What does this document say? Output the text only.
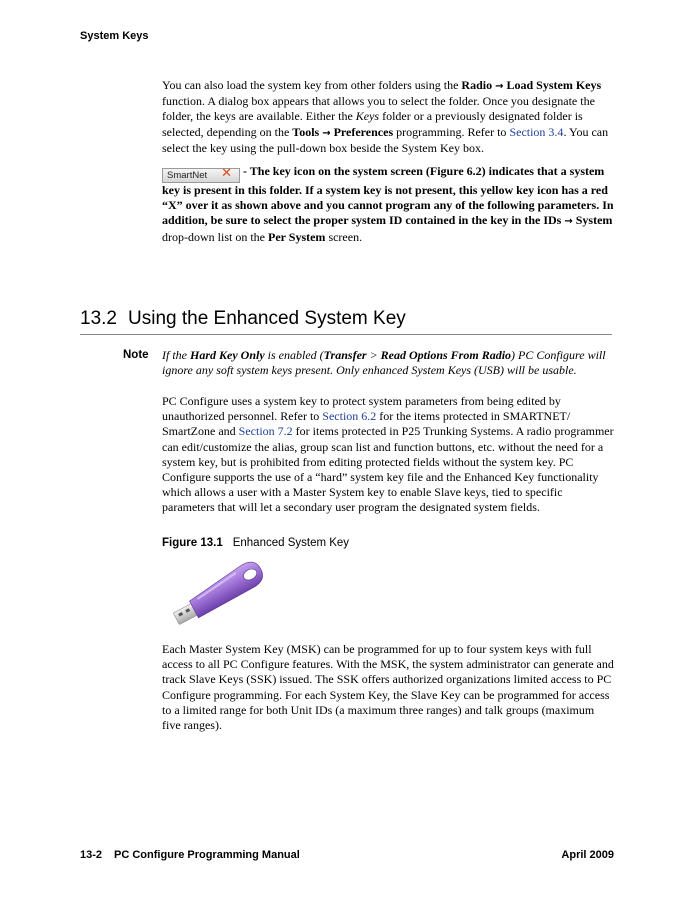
System Keys
You can also load the system key from other folders using the Radio → Load System Keys function. A dialog box appears that allows you to select the folder. Once you designate the folder, the keys are available. Either the Keys folder or a previously designated folder is selected, depending on the Tools → Preferences programming. Refer to Section 3.4. You can select the key using the pull-down box beside the System Key box.
SmartNet ✕ - The key icon on the system screen (Figure 6.2) indicates that a system key is present in this folder. If a system key is not present, this yellow key icon has a red “X” over it as shown above and you cannot program any of the following parameters. In addition, be sure to select the proper system ID contained in the key in the IDs → System drop-down list on the Per System screen.
13.2 Using the Enhanced System Key
Note If the Hard Key Only is enabled (Transfer > Read Options From Radio) PC Configure will ignore any soft system keys present. Only enhanced System Keys (USB) will be usable.
PC Configure uses a system key to protect system parameters from being edited by unauthorized personnel. Refer to Section 6.2 for the items protected in SMARTNET/ SmartZone and Section 7.2 for items protected in P25 Trunking Systems. A radio programmer can edit/customize the alias, group scan list and function buttons, etc. without the need for a system key, but is prohibited from editing protected fields without the system key. PC Configure supports the use of a “hard” system key file and the Enhanced Key functionality which allows a user with a Master System key to enable Slave keys, tied to specific parameters that will let a secondary user program the designated system fields.
Figure 13.1 Enhanced System Key
Each Master System Key (MSK) can be programmed for up to four system keys with full access to all PC Configure features. With the MSK, the system administrator can generate and track Slave Keys (SSK) issued. The SSK offers authorized organizations limited access to PC Configure programming. For each System Key, the Slave Key can be programmed for access to a limited range for both Unit IDs (a maximum three ranges) and talk groups (maximum five ranges).
13-2 PC Configure Programming Manual	April 2009
